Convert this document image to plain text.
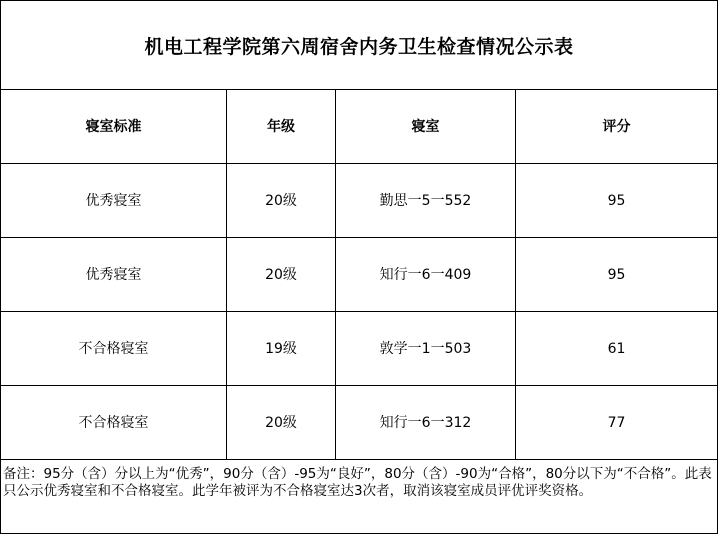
机电工程学院第六周宿舍内务卫生检查情况公示表
寝室标准	年级	寝室	评分
优秀寝室	20级	勤思一5一552	95
优秀寝室	20级	知行一6一409	95
不合格寝室	19级	敦学一1一503	61
不合格寝室	20级	知行一6一312	77
备注：95分（含）分以上为“优秀”，90分（含）-95为“良好”，80分（含）-90为“合格”，80分以下为“不合格”。此表只公示优秀寝室和不合格寝室。此学年被评为不合格寝室达3次者，取消该寝室成员评优评奖资格。
